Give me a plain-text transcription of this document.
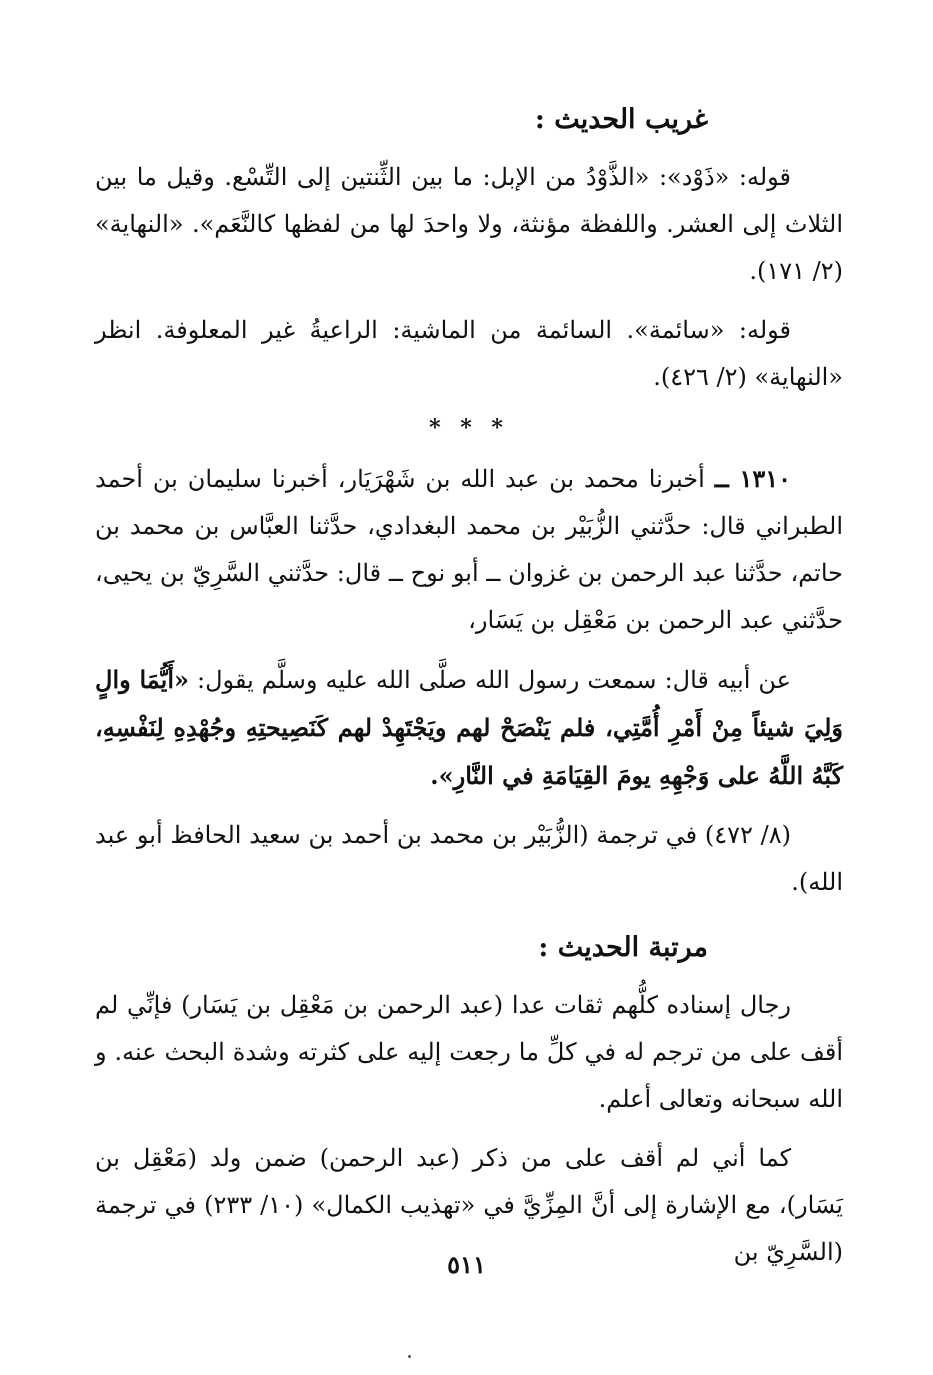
غريب الحديث :

قوله: «ذَوْد»: «الذَّوْدُ من الإبل: ما بين الثِّنتين إلى التِّسْع. وقيل ما بين الثلاث إلى العشر. واللفظة مؤنثة، ولا واحدَ لها من لفظها كالنَّعَم». «النهاية» (٢/ ١٧١).

قوله: «سائمة». السائمة من الماشية: الراعيةُ غير المعلوفة. انظر «النهاية» (٢/ ٤٢٦).

* * *

١٣١٠ ــ أخبرنا محمد بن عبد الله بن شَهْرَيَار، أخبرنا سليمان بن أحمد الطبراني قال: حدَّثني الزُّبَيْر بن محمد البغدادي، حدَّثنا العبَّاس بن محمد بن حاتم، حدَّثنا عبد الرحمن بن غزوان ــ أبو نوح ــ قال: حدَّثني السَّرِيّ بن يحيى، حدَّثني عبد الرحمن بن مَعْقِل بن يَسَار،

عن أبيه قال: سمعت رسول الله صلَّى الله عليه وسلَّم يقول: «أَيُّمَا والٍ وَلِيَ شيئاً مِنْ أَمْرِ أُمَّتِي، فلم يَنْصَحْ لهم ويَجْتَهِدْ لهم كَنَصِيحتِهِ وجُهْدِهِ لِنَفْسِهِ، كَبَّهُ اللَّهُ على وَجْهِهِ يومَ القِيَامَةِ في النَّارِ».

(٨/ ٤٧٢) في ترجمة (الزُّبَيْر بن محمد بن أحمد بن سعيد الحافظ أبو عبد الله).

مرتبة الحديث :

رجال إسناده كلُّهم ثقات عدا (عبد الرحمن بن مَعْقِل بن يَسَار) فإنِّي لم أقف على من ترجم له في كلِّ ما رجعت إليه على كثرته وشدة البحث عنه. و الله سبحانه وتعالى أعلم.

كما أني لم أقف على من ذكر (عبد الرحمن) ضمن ولد (مَعْقِل بن يَسَار)، مع الإشارة إلى أنَّ المِزِّيَّ في «تهذيب الكمال» (١٠/ ٢٣٣) في ترجمة (السَّرِيّ بن

٥١١
